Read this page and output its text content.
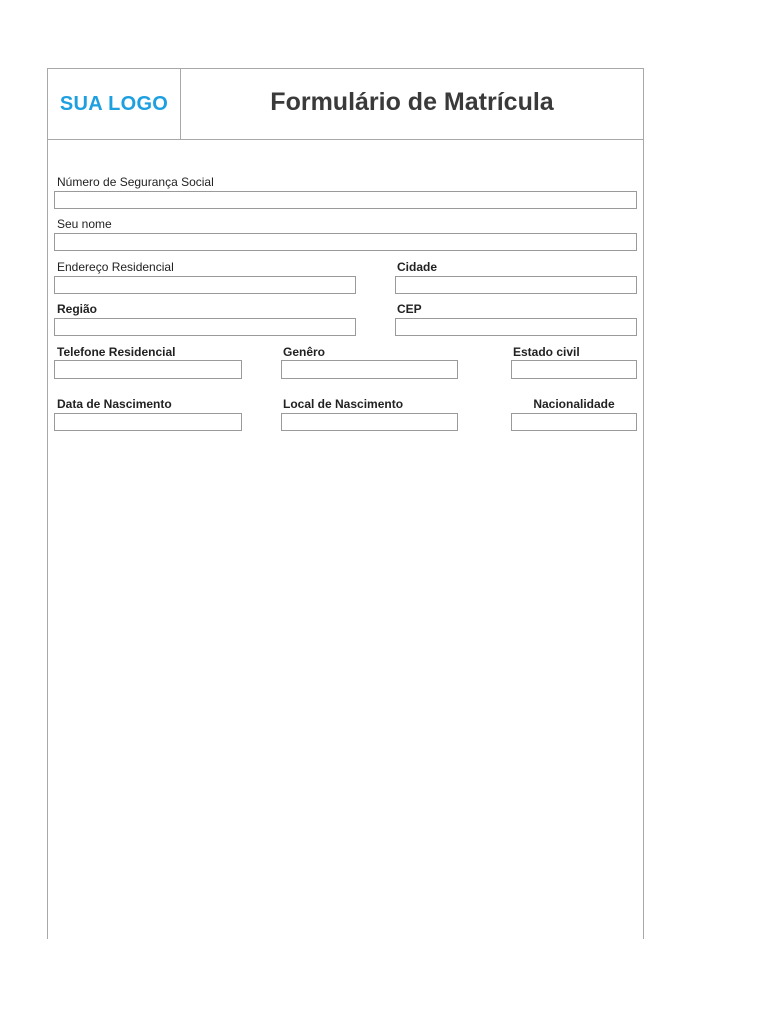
SUA LOGO	Formulário de Matrícula
Número de Segurança Social
Seu nome
Endereço Residencial	Cidade
Região	CEP
Telefone Residencial	Genêro	Estado civil
Data de Nascimento	Local de Nascimento	Nacionalidade
